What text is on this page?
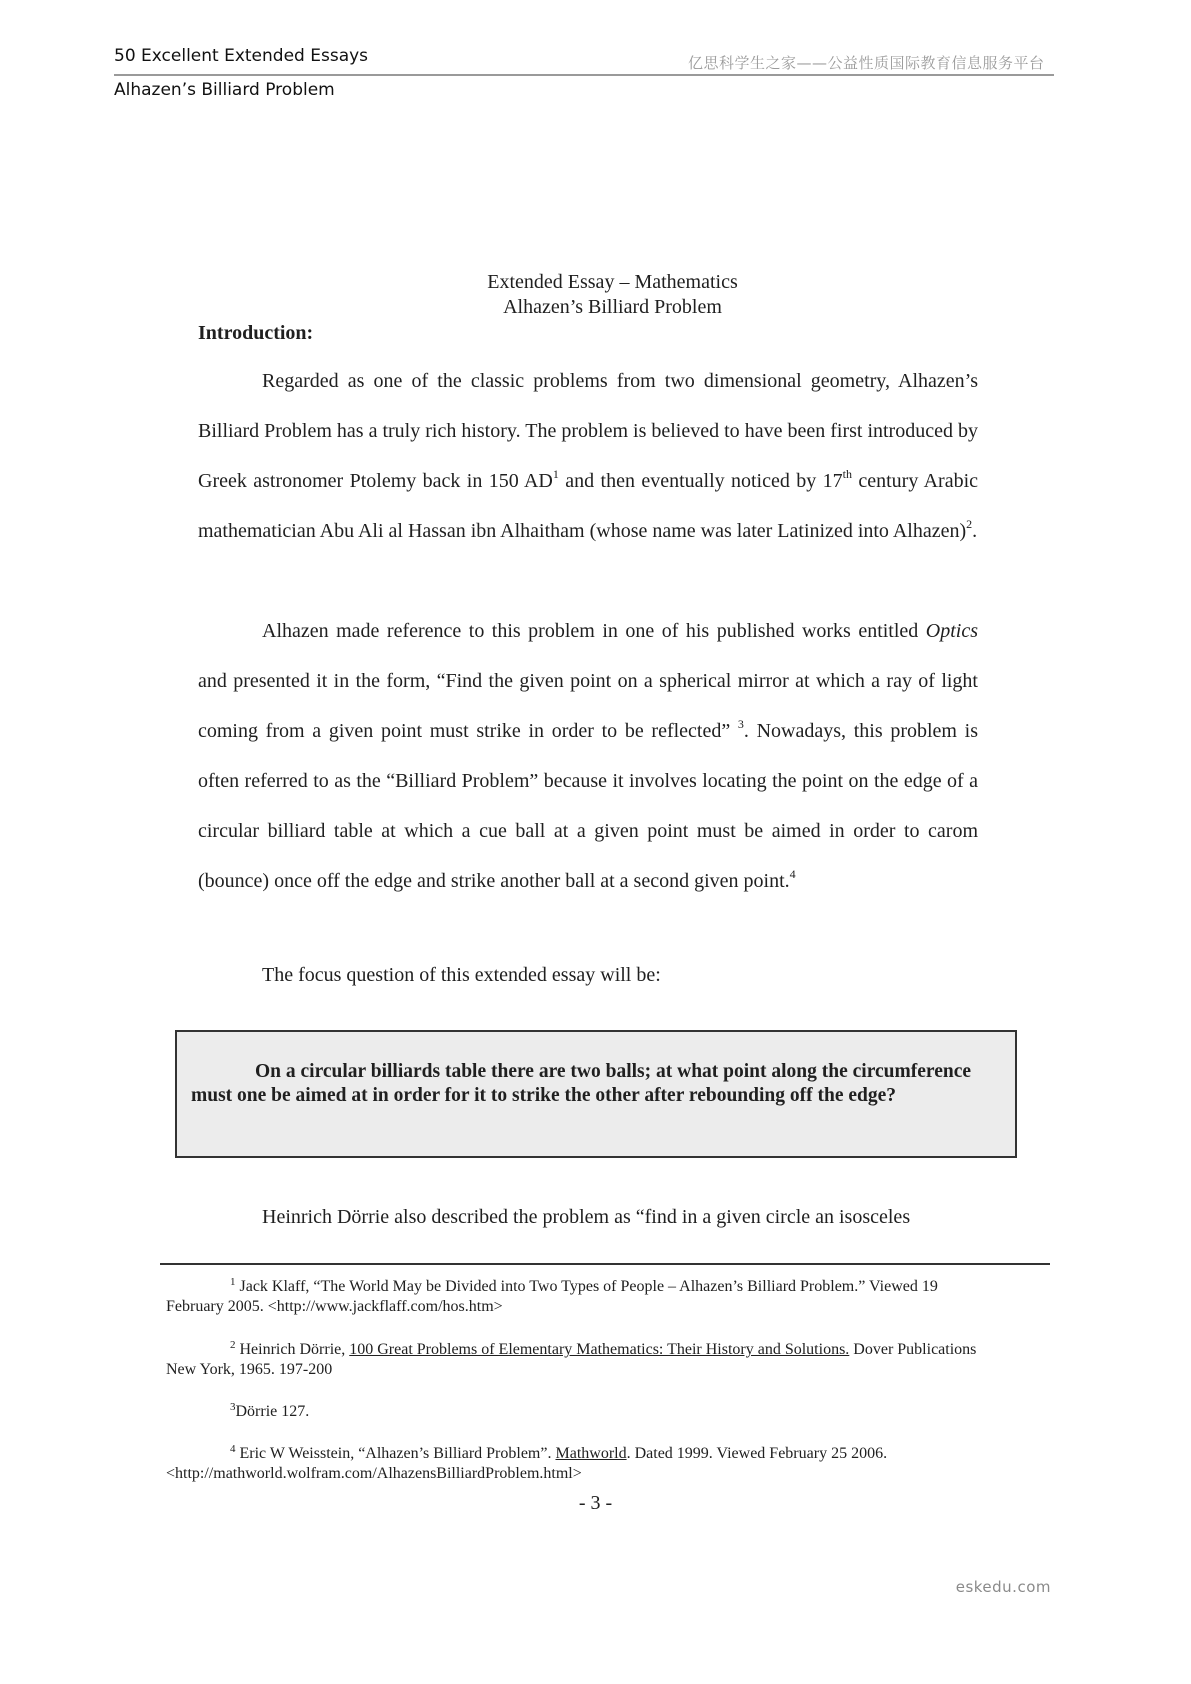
50 Excellent Extended Essays
Alhazen’s Billiard Problem
亿思科学生之家——公益性质国际教育信息服务平台
Extended Essay – Mathematics
Alhazen’s Billiard Problem
Introduction:

Regarded as one of the classic problems from two dimensional geometry, Alhazen’s Billiard Problem has a truly rich history. The problem is believed to have been first introduced by Greek astronomer Ptolemy back in 150 $AD^1$ and then eventually noticed by 17th century Arabic mathematician Abu Ali al Hassan ibn Alhaitham (whose name was later Latinized into Alhazen)$^2$.

Alhazen made reference to this problem in one of his published works entitled Optics and presented it in the form, “Find the given point on a spherical mirror at which a ray of light coming from a given point must strike in order to be reflected” $^3$. Nowadays, this problem is often referred to as the “Billiard Problem” because it involves locating the point on the edge of a circular billiard table at which a cue ball at a given point must be aimed in order to carom (bounce) once off the edge and strike another ball at a second given point.$^4$

The focus question of this extended essay will be:

On a circular billiards table there are two balls; at what point along the circumference must one be aimed at in order for it to strike the other after rebounding off the edge?

Heinrich Dörrie also described the problem as “find in a given circle an isosceles

$^1$ Jack Klaff, “The World May be Divided into Two Types of People – Alhazen’s Billiard Problem.” Viewed 19 February 2005. <http://www.jackflaff.com/hos.htm>
$^2$ Heinrich Dörrie, 100 Great Problems of Elementary Mathematics: Their History and Solutions. Dover Publications New York, 1965. 197-200
$^3$Dörrie 127.
$^4$ Eric W Weisstein, “Alhazen’s Billiard Problem”. Mathworld. Dated 1999. Viewed February 25 2006. <http://mathworld.wolfram.com/AlhazensBilliardProblem.html>
- 3 -
eskedu.com
